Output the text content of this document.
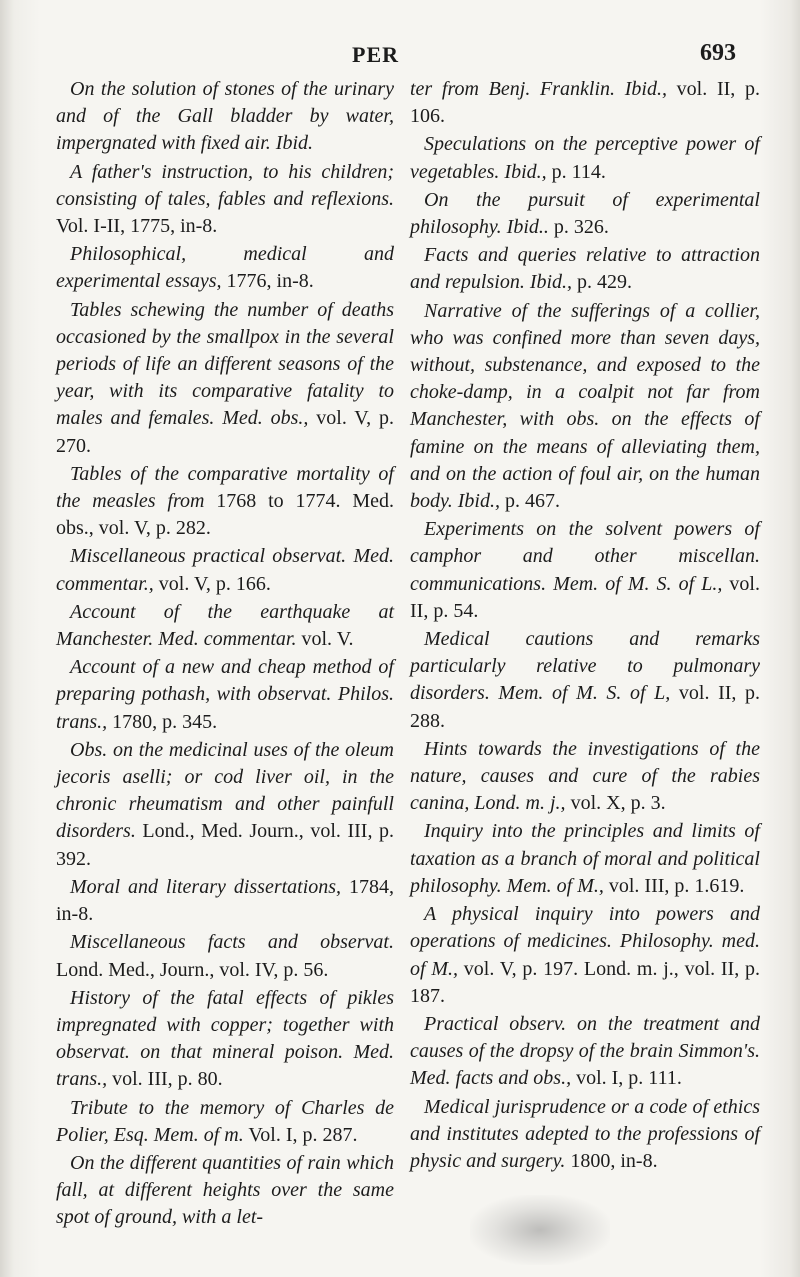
PER	693

On the solution of stones of the urinary and of the Gall bladder by water, impergnated with fixed air. Ibid.

A father's instruction, to his children; consisting of tales, fables and reflexions. Vol. I-II, 1775, in-8.

Philosophical, medical and experimental essays, 1776, in-8.

Tables schewing the number of deaths occasioned by the smallpox in the several periods of life an different seasons of the year, with its comparative fatality to males and females. Med. obs., vol. V, p. 270.

Tables of the comparative mortality of the measles from 1768 to 1774. Med. obs., vol. V, p. 282.

Miscellaneous practical observat. Med. commentar., vol. V, p. 166.

Account of the earthquake at Manchester. Med. commentar. vol. V.

Account of a new and cheap method of preparing pothash, with observat. Philos. trans., 1780, p. 345.

Obs. on the medicinal uses of the oleum jecoris aselli; or cod liver oil, in the chronic rheumatism and other painfull disorders. Lond., Med. Journ., vol. III, p. 392.

Moral and literary dissertations, 1784, in-8.

Miscellaneous facts and observat. Lond. Med., Journ., vol. IV, p. 56.

History of the fatal effects of pikles impregnated with copper; together with observat. on that mineral poison. Med. trans., vol. III, p. 80.

Tribute to the memory of Charles de Polier, Esq. Mem. of m. Vol. I, p. 287.

On the different quantities of rain which fall, at different heights over the same spot of ground, with a let-

ter from Benj. Franklin. Ibid., vol. II, p. 106.

Speculations on the perceptive power of vegetables. Ibid., p. 114.

On the pursuit of experimental philosophy. Ibid.. p. 326.

Facts and queries relative to attraction and repulsion. Ibid., p. 429.

Narrative of the sufferings of a collier, who was confined more than seven days, without, substenance, and exposed to the choke-damp, in a coalpit not far from Manchester, with obs. on the effects of famine on the means of alleviating them, and on the action of foul air, on the human body. Ibid., p. 467.

Experiments on the solvent powers of camphor and other miscellan. communications. Mem. of M. S. of L., vol. II, p. 54.

Medical cautions and remarks particularly relative to pulmonary disorders. Mem. of M. S. of L, vol. II, p. 288.

Hints towards the investigations of the nature, causes and cure of the rabies canina, Lond. m. j., vol. X, p. 3.

Inquiry into the principles and limits of taxation as a branch of moral and political philosophy. Mem. of M., vol. III, p. 1.619.

A physical inquiry into powers and operations of medicines. Philosophy. med. of M., vol. V, p. 197. Lond. m. j., vol. II, p. 187.

Practical observ. on the treatment and causes of the dropsy of the brain Simmon's. Med. facts and obs., vol. I, p. 111.

Medical jurisprudence or a code of ethics and institutes adepted to the professions of physic and surgery. 1800, in-8.
